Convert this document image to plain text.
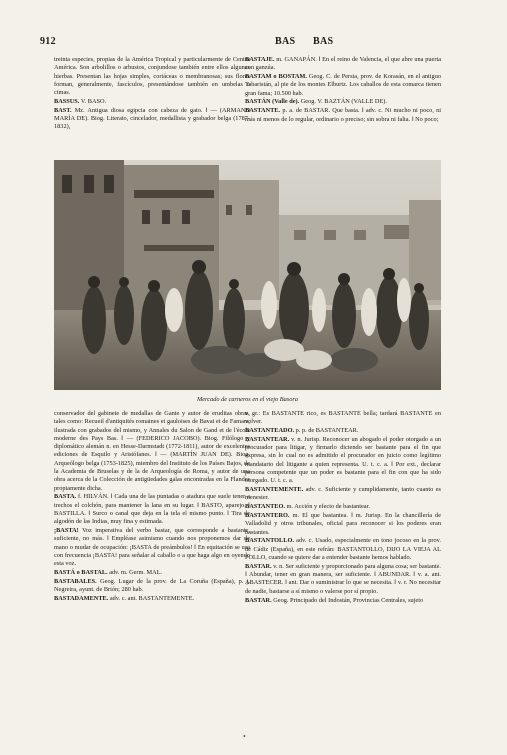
912	BAS BAS

treinta especies, propias de la América Tropical y particularmente de Centro América. Son arbolillos o arbustos, conjundose también entre ellos algunas hierbas. Presentan las hojas simples, coriáceas o membranosas; sus flores forman, generalmente, fascículos, presentándose también en umbelas o cimas.

BASSUS. V. BASO.

BAST. Mz. Antigua diosa egipcia con cabeza de gato. ‖ — (ARMAND MARÍA DE). Biog. Literato, cincelador, medallista y grabador belga (1787-1832),

BASTAJE. m. GANAPÁN. ‖ En el reino de Valencia, el que abre una puerta con ganzúa.

BASTAM o BOSTAM. Geog. C. de Persia, prov. de Korasán, en el antiguo Tabaristán, al pie de los montes Elburtz. Los caballos de esta comarca tienen gran fama; 10.500 hab.

BASTÁN (Valle de). Geog. V. BAZTÁN (VALLE DE).

BASTANTE. p. a. de BASTAR. Que basta. ‖ adv. c. Ni mucho ni poco, ni más ni menos de lo regular, ordinario o preciso; sin sobra ni falta. ‖ No poco;

Mercado de carneros en el viejo Basora

conservador del gabinete de medallas de Gante y autor de eruditas obras, tales como: Recueil d'antiquités romaines et gauloises de Bavai et de Famars, ilustrada con grabados del mismo, y Annales du Salon de Gand et de l'école moderne des Pays Bas. ‖ — (FEDERICO JACOBO). Biog. Filólogo y diplomático alemán n. en Hesse-Darmstadt (1772-1811), autor de excelentes ediciones de Esquilo y Aristófanes. ‖ — (MARTÍN JUAN DE). Biog. Arqueólogo belga (1753-1825), miembro del Instituto de los Países Bajos, de la Academia de Bruselas y de la de Arqueología de Roma, y autor de una obra acerca de la Colección de antigüedades galas encontradas en la Flandes propiamente dicha.

BASTA. f. HILVÁN. ‖ Cada una de las puntadas o atadura que suele tener a trechos el colchón, para mantener la lana en su lugar. ‖ BASTO, aparejo. ‖ BASTILLA. ‖ Surco o canal que deja en la tela el mismo punto. ‖ Tira de algodón de las Indias, muy fina y estimada.

¡BASTA! Voz imperativa del verbo bastar, que corresponde a bastante, suficiente, no más. ‖ Empléase asimismo cuando nos proponemos dar de mano o mudar de ocupación: ¡BASTA de preámbulos! ‖ En equitación se usa con frecuencia ¡BASTA! para señalar al caballo o a que haga algo en oyendo esta voz.

BASTÁ o BASTAL. adv. m. Germ. MAL.

BASTABALES. Geog. Lugar de la prov. de La Coruña (España), p. j. Negreira, ayunt. de Brión; 280 hab.

BASTADAMENTE. adv. c. ant. BASTANTEMENTE.

v. gr.: Es BASTANTE rico, es BASTANTE bella; tardará BASTANTE en volver.

BASTANTEADO. p. p. de BASTANTEAR.

BASTANTEAR. v. n. Jurisp. Reconocer un abogado el poder otorgado a un procurador para litigar, y firmarlo diciendo ser bastante para el fin que expresa, sin lo cual no es admitido el procurador en juicio como legítimo mandatario del litigante a quien representa. U. t. c. a. ‖ Por ext., declarar persona competente que un poder es bastante para el fin con que ha sido otorgado. U. t. c. a.

BASTANTEMENTE. adv. c. Suficiente y cumplidamente, tanto cuanto es menester.

BASTANTEO. m. Acción y efecto de bastantear.

BASTANTERO. m. El que bastantea. ‖ m. Jurisp. En la chancillería de Valladolid y otros tribunales, oficial para reconocer si los poderes eran bastantes.

BASTANTOLLO. adv. c. Usado, especialmente en tono jocoso en la prov. de Cádiz (España), en este refrán: BASTANTOLLO, DIJO LA VIEJA AL POLLO, cuando se quiere dar a entender bastante hemos hablado.

BASTAR. v. n. Ser suficiente y proporcionado para alguna cosa; ser bastante. ‖ Abundar, tener en gran manera, ser suficiente. ‖ ABUNDAR. ‖ v. a. ant. ABASTECER. ‖ ant. Dar o suministrar lo que se necesita. ‖ v. r. No necesitar de nadie, bastarse a sí mismo o valerse por sí propio.

BASTAR. Geog. Principado del Indostán, Provincias Centrales, sujeto

•
